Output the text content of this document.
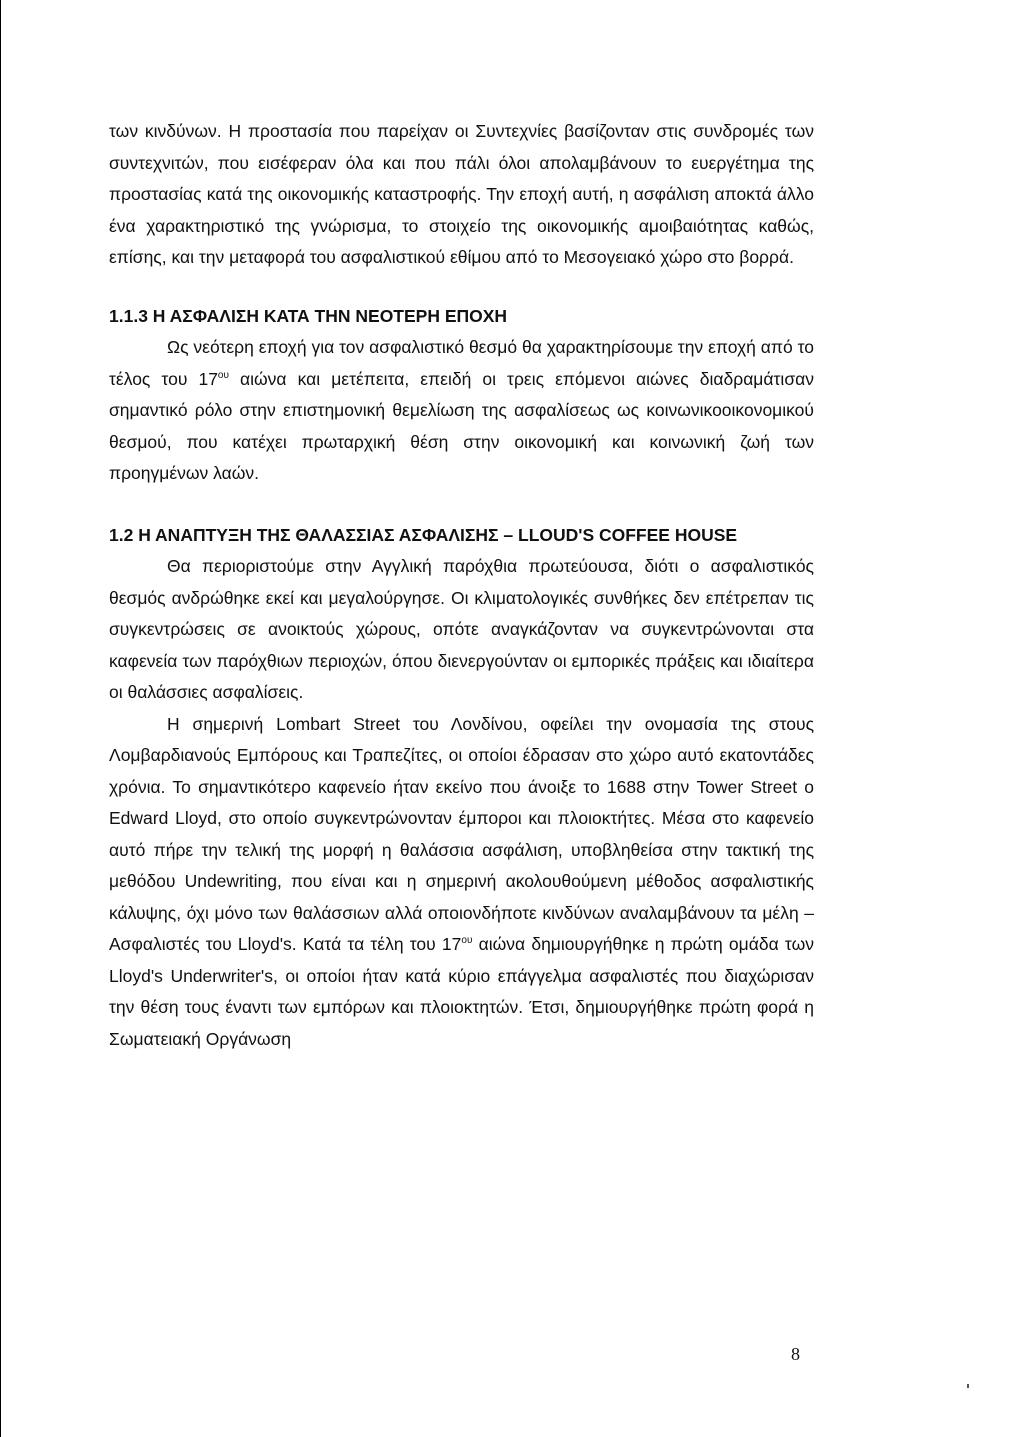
των κινδύνων. Η προστασία που παρείχαν οι Συντεχνίες βασίζονταν στις συνδρομές των συντεχνιτών, που εισέφεραν όλα και που πάλι όλοι απολαμβάνουν το ευεργέτημα της προστασίας κατά της οικονομικής καταστροφής. Την εποχή αυτή, η ασφάλιση αποκτά άλλο ένα χαρακτηριστικό της γνώρισμα, το στοιχείο της οικονομικής αμοιβαιότητας καθώς, επίσης, και την μεταφορά του ασφαλιστικού εθίμου από το Μεσογειακό χώρο στο βορρά.

1.1.3 Η ΑΣΦΑΛΙΣΗ ΚΑΤΑ ΤΗΝ ΝΕΟΤΕΡΗ ΕΠΟΧΗ

Ως νεότερη εποχή για τον ασφαλιστικό θεσμό θα χαρακτηρίσουμε την εποχή από το τέλος του $17^{o\upsilon}$ αιώνα και μετέπειτα, επειδή οι τρεις επόμενοι αιώνες διαδραμάτισαν σημαντικό ρόλο στην επιστημονική θεμελίωση της ασφαλίσεως ως κοινωνικοοικονομικού θεσμού, που κατέχει πρωταρχική θέση στην οικονομική και κοινωνική ζωή των προηγμένων λαών.

1.2 Η ΑΝΑΠΤΥΞΗ ΤΗΣ ΘΑΛΑΣΣΙΑΣ ΑΣΦΑΛΙΣΗΣ – LLOUD'S COFFEE HOUSE

Θα περιοριστούμε στην Αγγλική παρόχθια πρωτεύουσα, διότι ο ασφαλιστικός θεσμός ανδρώθηκε εκεί και μεγαλούργησε. Οι κλιματολογικές συνθήκες δεν επέτρεπαν τις συγκεντρώσεις σε ανοικτούς χώρους, οπότε αναγκάζονταν να συγκεντρώνονται στα καφενεία των παρόχθιων περιοχών, όπου διενεργούνταν οι εμπορικές πράξεις και ιδιαίτερα οι θαλάσσιες ασφαλίσεις.

Η σημερινή Lombart Street του Λονδίνου, οφείλει την ονομασία της στους Λομβαρδιανούς Εμπόρους και Τραπεζίτες, οι οποίοι έδρασαν στο χώρο αυτό εκατοντάδες χρόνια. Το σημαντικότερο καφενείο ήταν εκείνο που άνοιξε το 1688 στην Tower Street ο Edward Lloyd, στο οποίο συγκεντρώνονταν έμποροι και πλοιοκτήτες. Μέσα στο καφενείο αυτό πήρε την τελική της μορφή η θαλάσσια ασφάλιση, υποβληθείσα στην τακτική της μεθόδου Undewriting, που είναι και η σημερινή ακολουθούμενη μέθοδος ασφαλιστικής κάλυψης, όχι μόνο των θαλάσσιων αλλά οποιονδήποτε κινδύνων αναλαμβάνουν τα μέλη – Ασφαλιστές του Lloyd's. Κατά τα τέλη του $17^{o\upsilon}$ αιώνα δημιουργήθηκε η πρώτη ομάδα των Lloyd's Underwriter's, οι οποίοι ήταν κατά κύριο επάγγελμα ασφαλιστές που διαχώρισαν την θέση τους έναντι των εμπόρων και πλοιοκτητών. Έτσι, δημιουργήθηκε πρώτη φορά η Σωματειακή Οργάνωση

8
